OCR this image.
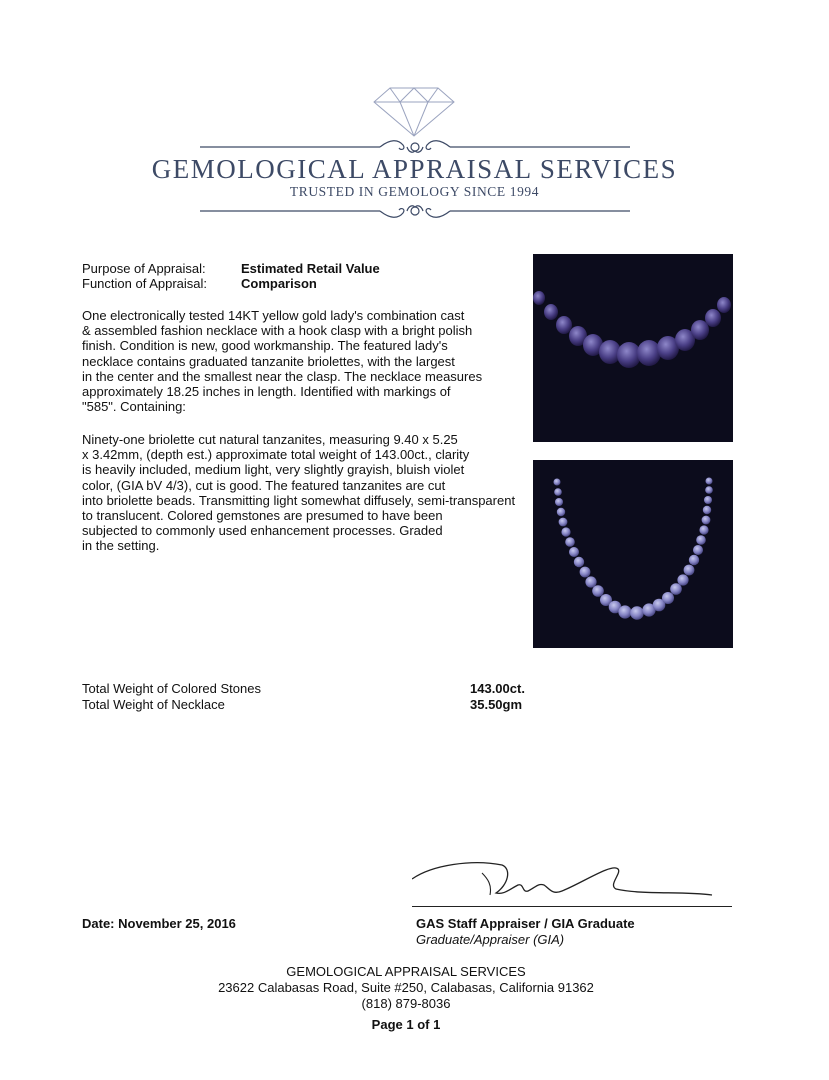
GEMOLOGICAL APPRAISAL SERVICES
TRUSTED IN GEMOLOGY SINCE 1994
Purpose of Appraisal:	Estimated Retail Value
Function of Appraisal:	Comparison

One electronically tested 14KT yellow gold lady's combination cast
& assembled fashion necklace with a hook clasp with a bright polish
finish. Condition is new, good workmanship. The featured lady's
necklace contains graduated tanzanite briolettes, with the largest
in the center and the smallest near the clasp. The necklace measures
approximately 18.25 inches in length. Identified with markings of
"585". Containing:

Ninety-one briolette cut natural tanzanites, measuring 9.40 x 5.25
x 3.42mm, (depth est.) approximate total weight of 143.00ct., clarity
is heavily included, medium light, very slightly grayish, bluish violet
color, (GIA bV 4/3), cut is good. The featured tanzanites are cut
into briolette beads. Transmitting light somewhat diffusely, semi-transparent
to translucent. Colored gemstones are presumed to have been
subjected to commonly used enhancement processes. Graded
in the setting.

Total Weight of Colored Stones	143.00ct.
Total Weight of Necklace	35.50gm
Date: November 25, 2016	GAS Staff Appraiser / GIA Graduate
Graduate/Appraiser (GIA)
GEMOLOGICAL APPRAISAL SERVICES
23622 Calabasas Road, Suite #250, Calabasas, California 91362
(818) 879-8036
Page 1 of 1
